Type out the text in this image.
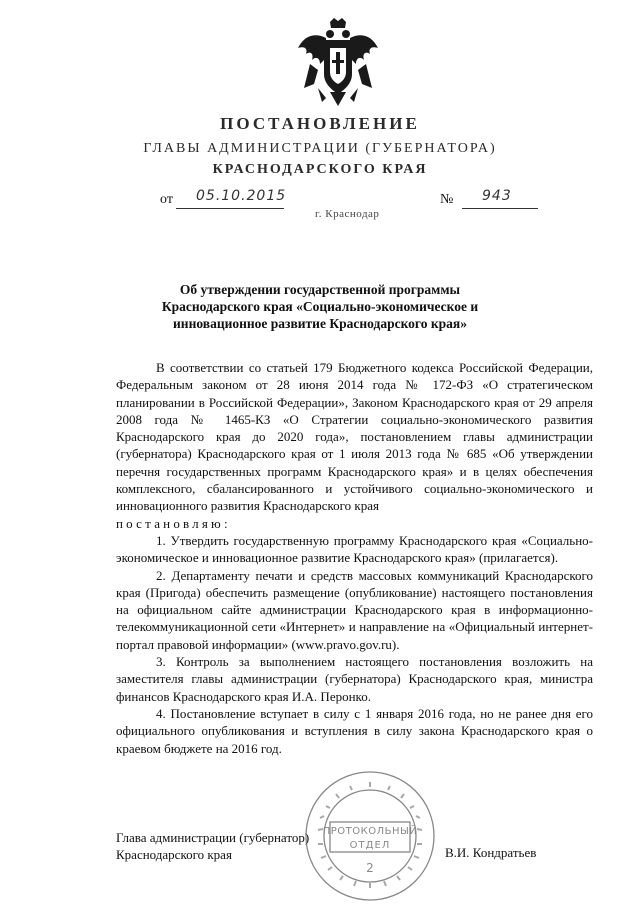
ПОСТАНОВЛЕНИЕ
ГЛАВЫ АДМИНИСТРАЦИИ (ГУБЕРНАТОРА)
КРАСНОДАРСКОГО КРАЯ
от 05.10.2015	№ 943
г. Краснодар
Об утверждении государственной программы
Краснодарского края «Социально-экономическое и
инновационное развитие Краснодарского края»

В соответствии со статьей 179 Бюджетного кодекса Российской Федерации, Федеральным законом от 28 июня 2014 года № 172-ФЗ «О стратегическом планировании в Российской Федерации», Законом Краснодарского края от 29 апреля 2008 года № 1465-КЗ «О Стратегии социально-экономического развития Краснодарского края до 2020 года», постановлением главы администрации (губернатора) Краснодарского края от 1 июля 2013 года № 685 «Об утверждении перечня государственных программ Краснодарского края» и в целях обеспечения комплексного, сбалансированного и устойчивого социально-экономического и инновационного развития Краснодарского края

постановляю:

1. Утвердить государственную программу Краснодарского края «Социально-экономическое и инновационное развитие Краснодарского края» (прилагается).

2. Департаменту печати и средств массовых коммуникаций Краснодарского края (Пригода) обеспечить размещение (опубликование) настоящего постановления на официальном сайте администрации Краснодарского края в информационно-телекоммуникационной сети «Интернет» и направление на «Официальный интернет-портал правовой информации» (www.pravo.gov.ru).

3. Контроль за выполнением настоящего постановления возложить на заместителя главы администрации (губернатора) Краснодарского края, министра финансов Краснодарского края И.А. Перонко.

4. Постановление вступает в силу с 1 января 2016 года, но не ранее дня его официального опубликования и вступления в силу закона Краснодарского края о краевом бюджете на 2016 год.

Глава администрации (губернатор)
Краснодарского края	В.И. Кондратьев
ПРОТОКОЛЬНЫЙ
ОТДЕЛ
2
